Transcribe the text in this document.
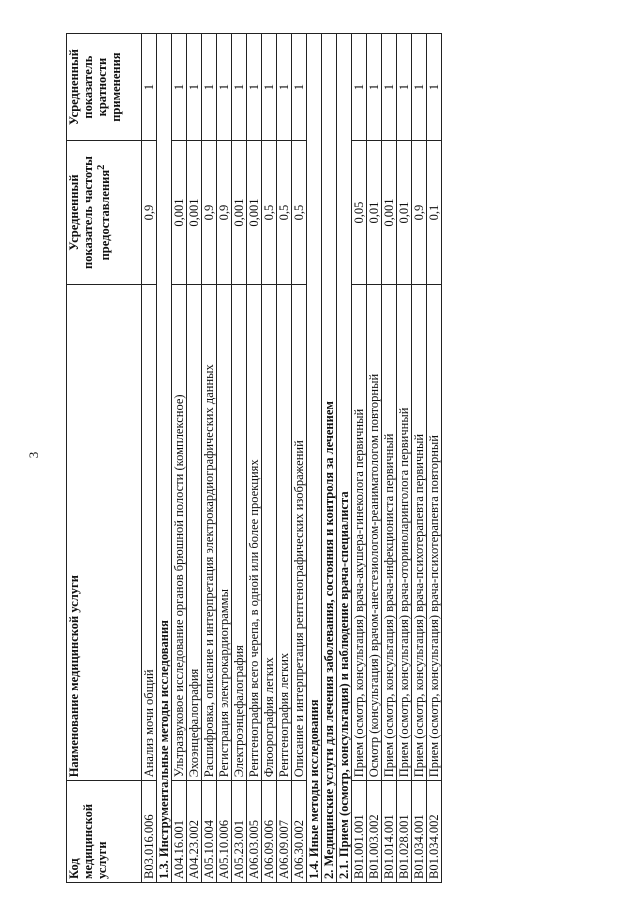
3
Код медицинской услуги	Наименование медицинской услуги	Усредненный показатель частоты предоставления$^2$	Усредненный показатель кратности применения
B03.016.006	Анализ мочи общий	0,9	1
1.3. Инструментальные методы исследования			
A04.16.001	Ультразвуковое исследование органов брюшной полости (комплексное)	0,001	1
A04.23.002	Эхоэнцефалография	0,001	1
A05.10.004	Расшифровка, описание и интерпретация электрокардиографических данных	0,9	1
A05.10.006	Регистрация электрокардиограммы	0,9	1
A05.23.001	Электроэнцефалография	0,001	1
A06.03.005	Рентгенография всего черепа, в одной или более проекциях	0,001	1
A06.09.006	Флюорография легких	0,5	1
A06.09.007	Рентгенография легких	0,5	1
A06.30.002	Описание и интерпретация рентгенографических изображений	0,5	1
1.4. Иные методы исследования			
2. Медицинские услуги для лечения заболевания, состояния и контроля за лечением			
2.1. Прием (осмотр, консультация) и наблюдение врача-специалиста			
B01.001.001	Прием (осмотр, консультация) врача-акушера-гинеколога первичный	0,05	1
B01.003.002	Осмотр (консультация) врачом-анестезиологом-реаниматологом повторный	0,01	1
B01.014.001	Прием (осмотр, консультация) врача-инфекциониста первичный	0,001	1
B01.028.001	Прием (осмотр, консультация) врача-оториноларинголога первичный	0,01	1
B01.034.001	Прием (осмотр, консультация) врача-психотерапевта первичный	0,9	1
B01.034.002	Прием (осмотр, консультация) врача-психотерапевта повторный	0,1	1
